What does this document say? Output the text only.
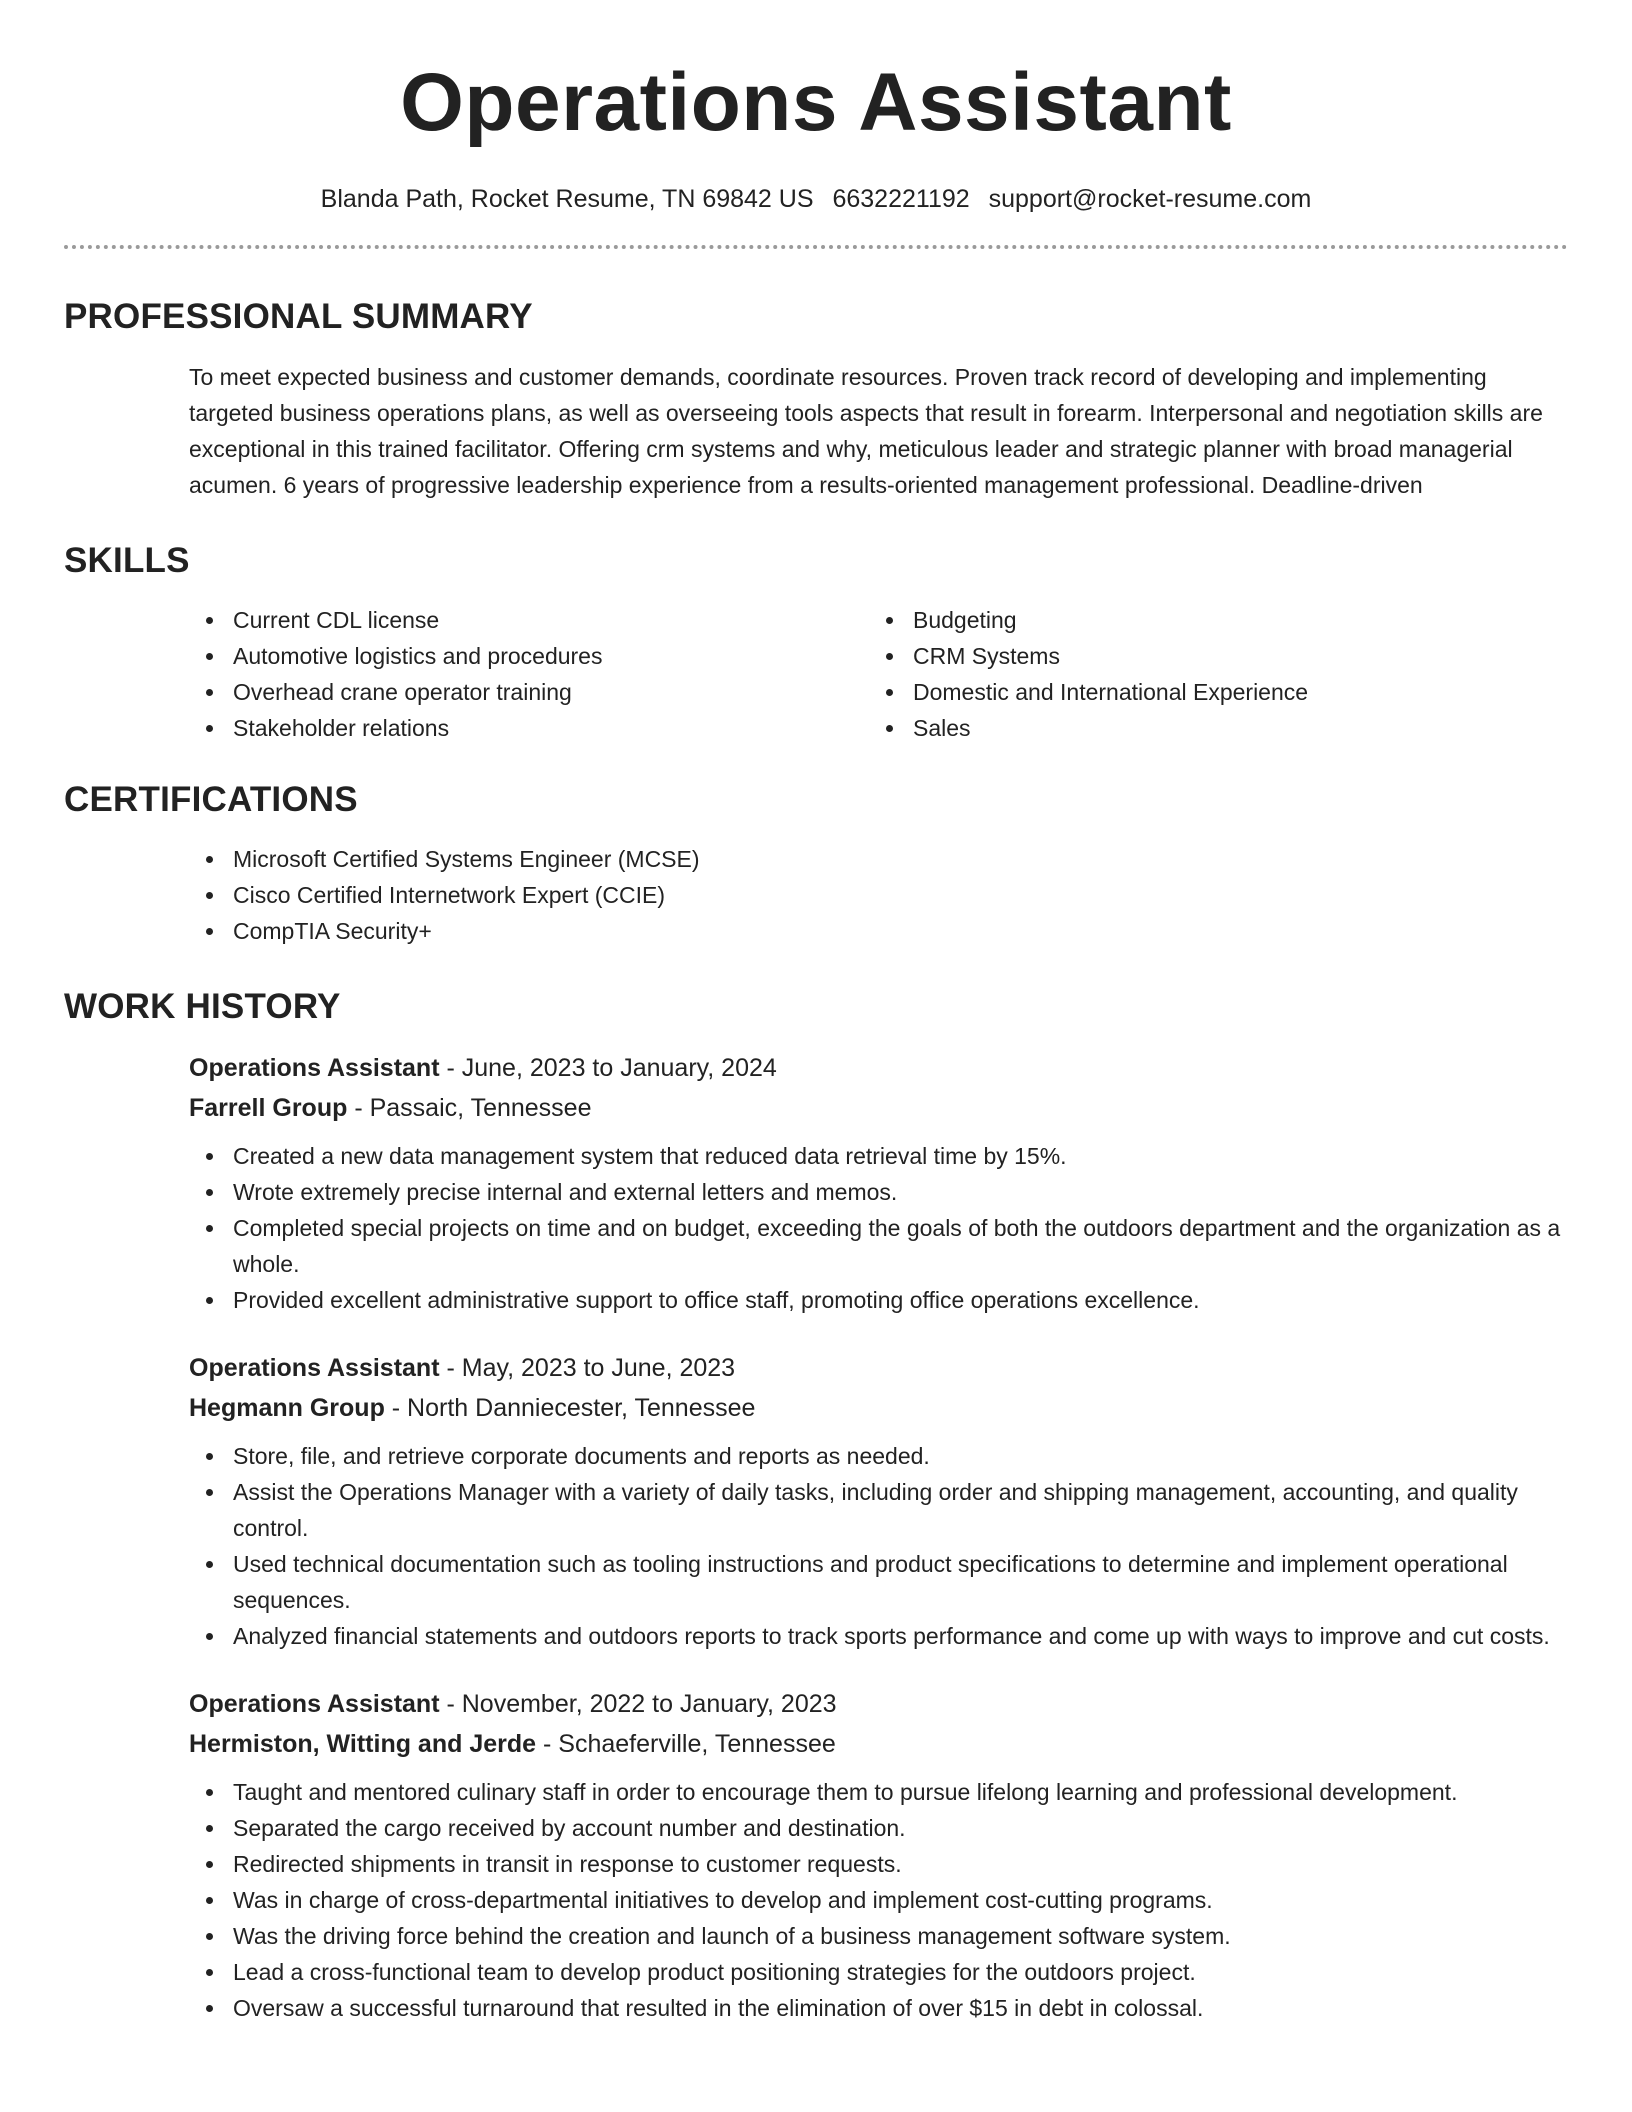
Operations Assistant
Blanda Path, Rocket Resume, TN 69842 US 6632221192 support@rocket-resume.com
PROFESSIONAL SUMMARY

To meet expected business and customer demands, coordinate resources. Proven track record of developing and implementing targeted business operations plans, as well as overseeing tools aspects that result in forearm. Interpersonal and negotiation skills are exceptional in this trained facilitator. Offering crm systems and why, meticulous leader and strategic planner with broad managerial acumen. 6 years of progressive leadership experience from a results-oriented management professional. Deadline-driven

SKILLS
Current CDL license
Automotive logistics and procedures
Overhead crane operator training
Stakeholder relations
Budgeting
CRM Systems
Domestic and International Experience
Sales
CERTIFICATIONS
Microsoft Certified Systems Engineer (MCSE)
Cisco Certified Internetwork Expert (CCIE)
CompTIA Security+
WORK HISTORY
Operations Assistant - June, 2023 to January, 2024
Farrell Group - Passaic, Tennessee
Created a new data management system that reduced data retrieval time by 15%.
Wrote extremely precise internal and external letters and memos.
Completed special projects on time and on budget, exceeding the goals of both the outdoors department and the organization as a whole.
Provided excellent administrative support to office staff, promoting office operations excellence.
Operations Assistant - May, 2023 to June, 2023
Hegmann Group - North Danniecester, Tennessee
Store, file, and retrieve corporate documents and reports as needed.
Assist the Operations Manager with a variety of daily tasks, including order and shipping management, accounting, and quality control.
Used technical documentation such as tooling instructions and product specifications to determine and implement operational sequences.
Analyzed financial statements and outdoors reports to track sports performance and come up with ways to improve and cut costs.
Operations Assistant - November, 2022 to January, 2023
Hermiston, Witting and Jerde - Schaeferville, Tennessee
Taught and mentored culinary staff in order to encourage them to pursue lifelong learning and professional development.
Separated the cargo received by account number and destination.
Redirected shipments in transit in response to customer requests.
Was in charge of cross-departmental initiatives to develop and implement cost-cutting programs.
Was the driving force behind the creation and launch of a business management software system.
Lead a cross-functional team to develop product positioning strategies for the outdoors project.
Oversaw a successful turnaround that resulted in the elimination of over $15 in debt in colossal.
